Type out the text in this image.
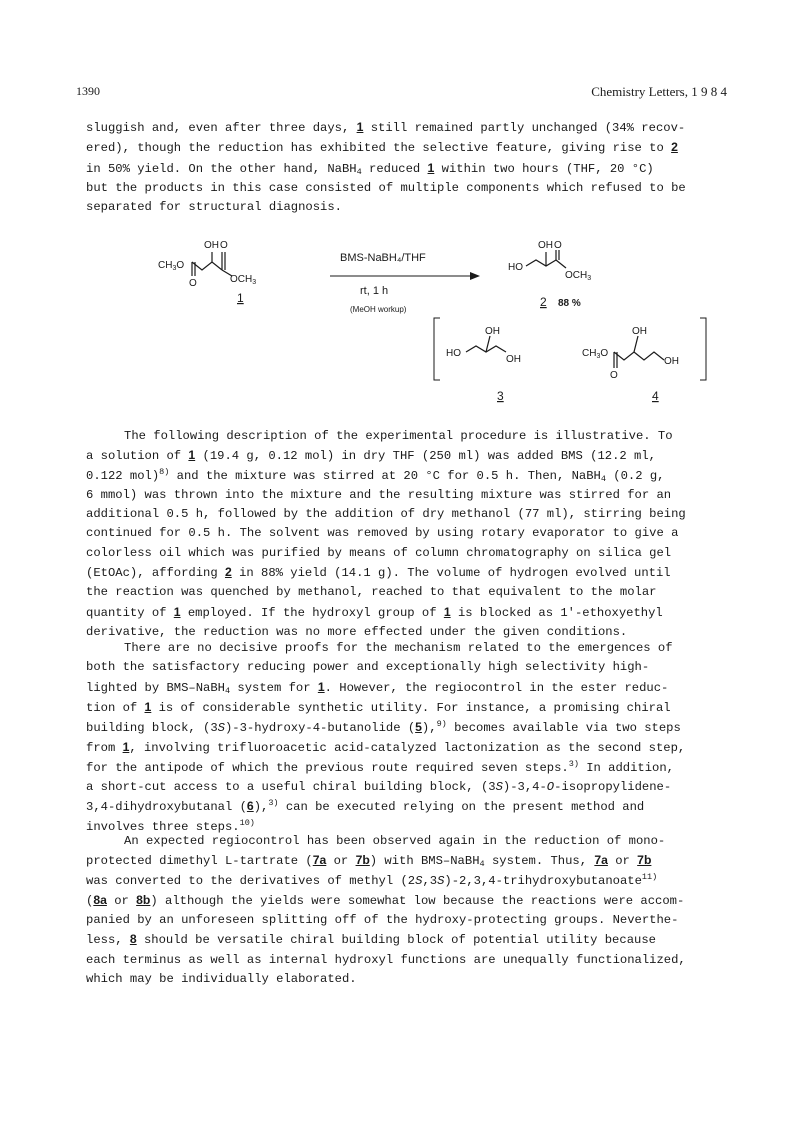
1390	Chemistry Letters, 1 9 8 4

sluggish and, even after three days, 1 still remained partly unchanged (34% recov-

ered), though the reduction has exhibited the selective feature, giving rise to 2

in 50% yield. On the other hand, NaBH$_4$ reduced 1 within two hours (THF, 20 °C)

but the products in this case consisted of multiple components which refused to be

separated for structural diagnosis.

$CH_3O$
OH O
O	$OCH_3$
1
BMS-NaBH₄/THF
rt, 1 h
(MeOH workup)
HO
OH O
$OCH_3$
2 88 %
HO
OH
OH
3
$CH_3O$
OH
O
OH
4

The following description of the experimental procedure is illustrative. To

a solution of 1 (19.4 g, 0.12 mol) in dry THF (250 ml) was added BMS (12.2 ml,

0.122 mol)$^{8)}$ and the mixture was stirred at 20 °C for 0.5 h. Then, NaBH$_4$ (0.2 g,

6 mmol) was thrown into the mixture and the resulting mixture was stirred for an

additional 0.5 h, followed by the addition of dry methanol (77 ml), stirring being

continued for 0.5 h. The solvent was removed by using rotary evaporator to give a

colorless oil which was purified by means of column chromatography on silica gel

(EtOAc), affording 2 in 88% yield (14.1 g). The volume of hydrogen evolved until

the reaction was quenched by methanol, reached to that equivalent to the molar

quantity of 1 employed. If the hydroxyl group of 1 is blocked as 1'-ethoxyethyl

derivative, the reduction was no more effected under the given conditions.

There are no decisive proofs for the mechanism related to the emergences of

both the satisfactory reducing power and exceptionally high selectivity high-

lighted by BMS–NaBH$_4$ system for 1. However, the regiocontrol in the ester reduc-

tion of 1 is of considerable synthetic utility. For instance, a promising chiral

building block, (3S)-3-hydroxy-4-butanolide (5),$^{9)}$ becomes available via two steps

from 1, involving trifluoroacetic acid-catalyzed lactonization as the second step,

for the antipode of which the previous route required seven steps.$^{3)}$ In addition,

a short-cut access to a useful chiral building block, (3S)-3,4-O-isopropylidene-

3,4-dihydroxybutanal (6),$^{3)}$ can be executed relying on the present method and

involves three steps.$^{10)}$

An expected regiocontrol has been observed again in the reduction of mono-

protected dimethyl L-tartrate (7a or 7b) with BMS–NaBH$_4$ system. Thus, 7a or 7b

was converted to the derivatives of methyl (2S,3S)-2,3,4-trihydroxybutanoate$^{11)}$

(8a or 8b) although the yields were somewhat low because the reactions were accom-

panied by an unforeseen splitting off of the hydroxy-protecting groups. Neverthe-

less, 8 should be versatile chiral building block of potential utility because

each terminus as well as internal hydroxyl functions are unequally functionalized,

which may be individually elaborated.
